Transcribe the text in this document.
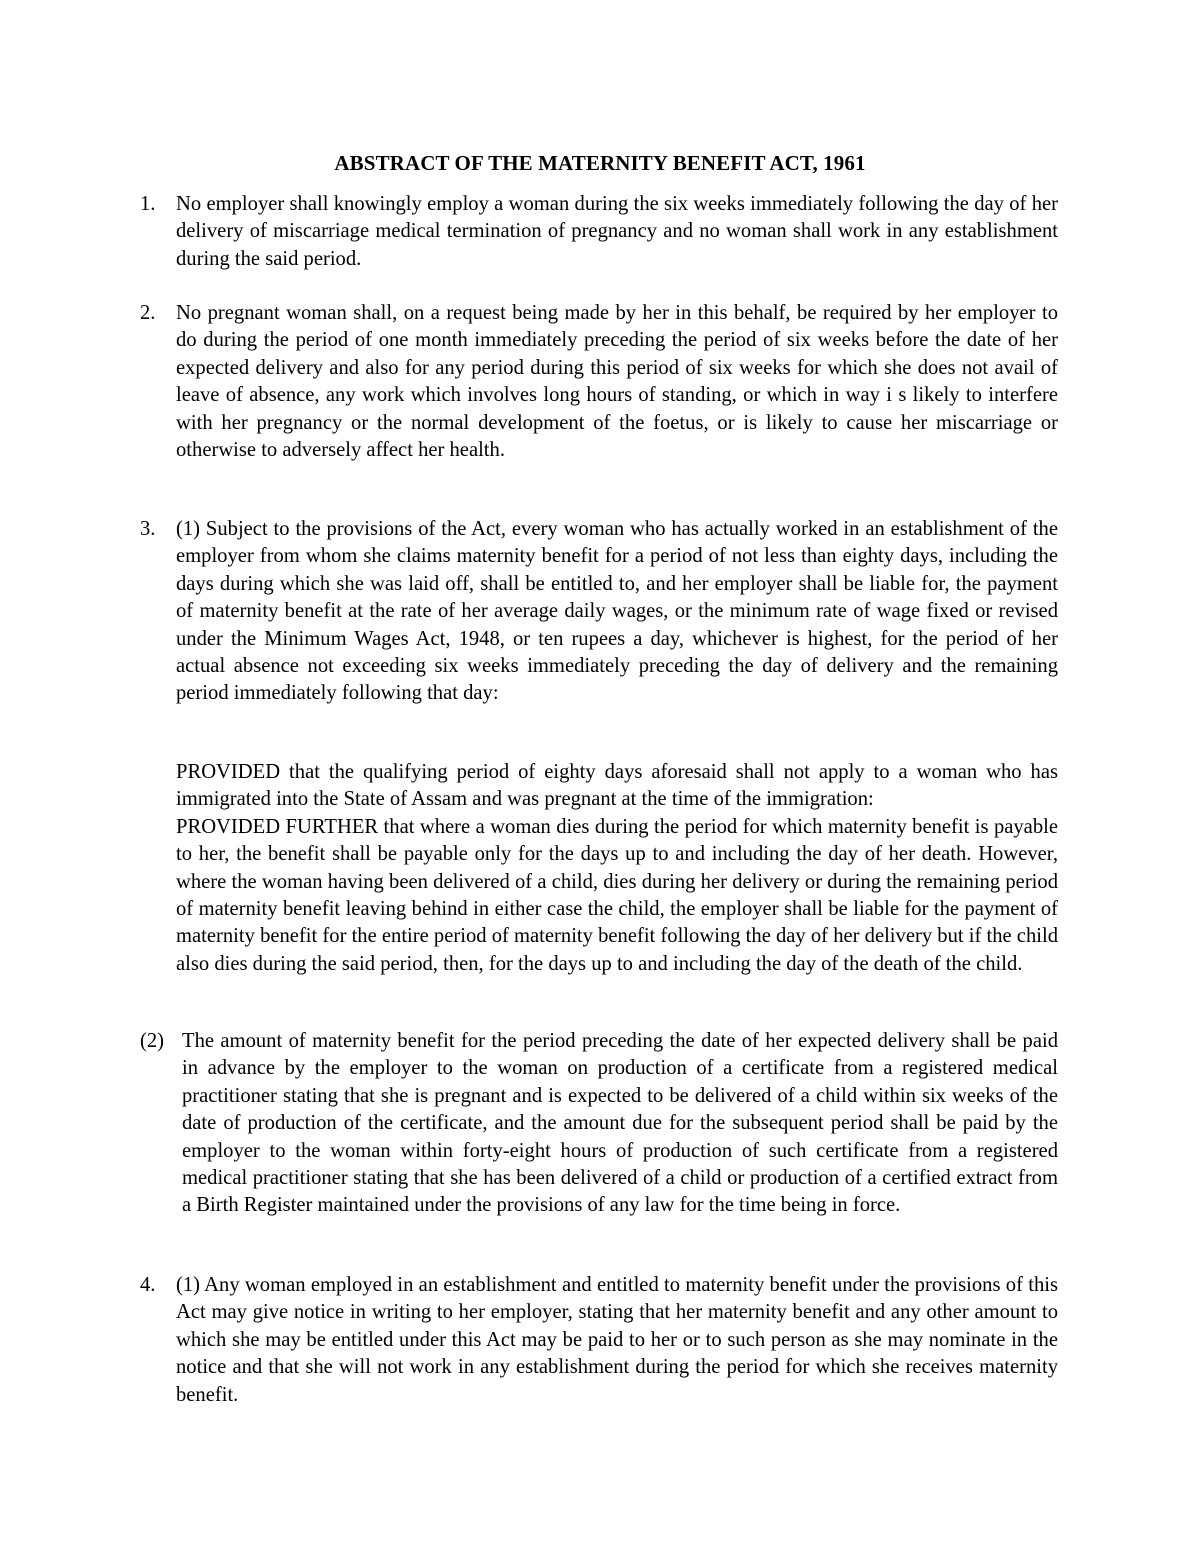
ABSTRACT OF THE MATERNITY BENEFIT ACT, 1961
1. No employer shall knowingly employ a woman during the six weeks immediately following the day of her delivery of miscarriage medical termination of pregnancy and no woman shall work in any establishment during the said period.

2. No pregnant woman shall, on a request being made by her in this behalf, be required by her employer to do during the period of one month immediately preceding the period of six weeks before the date of her expected delivery and also for any period during this period of six weeks for which she does not avail of leave of absence, any work which involves long hours of standing, or which in way i s likely to interfere with her pregnancy or the normal development of the foetus, or is likely to cause her miscarriage or otherwise to adversely affect her health.

3. (1) Subject to the provisions of the Act, every woman who has actually worked in an establishment of the employer from whom she claims maternity benefit for a period of not less than eighty days, including the days during which she was laid off, shall be entitled to, and her employer shall be liable for, the payment of maternity benefit at the rate of her average daily wages, or the minimum rate of wage fixed or revised under the Minimum Wages Act, 1948, or ten rupees a day, whichever is highest, for the period of her actual absence not exceeding six weeks immediately preceding the day of delivery and the remaining period immediately following that day:

PROVIDED that the qualifying period of eighty days aforesaid shall not apply to a woman who has immigrated into the State of Assam and was pregnant at the time of the immigration:

PROVIDED FURTHER that where a woman dies during the period for which maternity benefit is payable to her, the benefit shall be payable only for the days up to and including the day of her death. However, where the woman having been delivered of a child, dies during her delivery or during the remaining period of maternity benefit leaving behind in either case the child, the employer shall be liable for the payment of maternity benefit for the entire period of maternity benefit following the day of her delivery but if the child also dies during the said period, then, for the days up to and including the day of the death of the child.

(2) The amount of maternity benefit for the period preceding the date of her expected delivery shall be paid in advance by the employer to the woman on production of a certificate from a registered medical practitioner stating that she is pregnant and is expected to be delivered of a child within six weeks of the date of production of the certificate, and the amount due for the subsequent period shall be paid by the employer to the woman within forty-eight hours of production of such certificate from a registered medical practitioner stating that she has been delivered of a child or production of a certified extract from a Birth Register maintained under the provisions of any law for the time being in force.

4. (1) Any woman employed in an establishment and entitled to maternity benefit under the provisions of this Act may give notice in writing to her employer, stating that her maternity benefit and any other amount to which she may be entitled under this Act may be paid to her or to such person as she may nominate in the notice and that she will not work in any establishment during the period for which she receives maternity benefit.
